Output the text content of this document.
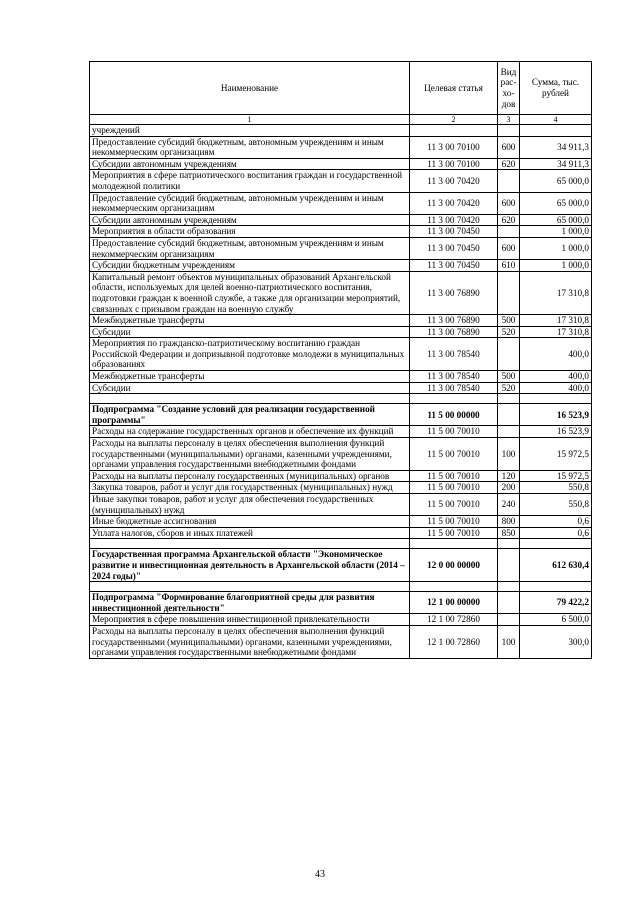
Наименование	Целевая статья	Вид рас- хо- дов	Сумма, тыс. рублей
1	2	3	4
учреждений			
Предоставление субсидий бюджетным, автономным учреждениям и иным некоммерческим организациям	11 3 00 70100	600	34 911,3
Субсидии автономным учреждениям	11 3 00 70100	620	34 911,3
Мероприятия в сфере патриотического воспитания граждан и государственной молодежной политики	11 3 00 70420		65 000,0
Предоставление субсидий бюджетным, автономным учреждениям и иным некоммерческим организациям	11 3 00 70420	600	65 000,0
Субсидии автономным учреждениям	11 3 00 70420	620	65 000,0
Мероприятия в области образования	11 3 00 70450		1 000,0
Предоставление субсидий бюджетным, автономным учреждениям и иным некоммерческим организациям	11 3 00 70450	600	1 000,0
Субсидии бюджетным учреждениям	11 3 00 70450	610	1 000,0
Капитальный ремонт объектов муниципальных образований Архангельской области, используемых для целей военно-патриотического воспитания, подготовки граждан к военной службе, а также для организации мероприятий, связанных с призывом граждан на военную службу	11 3 00 76890		17 310,8
Межбюджетные трансферты	11 3 00 76890	500	17 310,8
Субсидии	11 3 00 76890	520	17 310,8
Мероприятия по гражданско-патриотическому воспитанию граждан Российской Федерации и допризывной подготовке молодежи в муниципальных образованиях	11 3 00 78540		400,0
Межбюджетные трансферты	11 3 00 78540	500	400,0
Субсидии	11 3 00 78540	520	400,0

Подпрограмма "Создание условий для реализации государственной программы"	11 5 00 00000		16 523,9
Расходы на содержание государственных органов и обеспечение их функций	11 5 00 70010		16 523,9
Расходы на выплаты персоналу в целях обеспечения выполнения функций государственными (муниципальными) органами, казенными учреждениями, органами управления государственными внебюджетными фондами	11 5 00 70010	100	15 972,5
Расходы на выплаты персоналу государственных (муниципальных) органов	11 5 00 70010	120	15 972,5
Закупка товаров, работ и услуг для государственных (муниципальных) нужд	11 5 00 70010	200	550,8
Иные закупки товаров, работ и услуг для обеспечения государственных (муниципальных) нужд	11 5 00 70010	240	550,8
Иные бюджетные ассигнования	11 5 00 70010	800	0,6
Уплата налогов, сборов и иных платежей	11 5 00 70010	850	0,6

Государственная программа Архангельской области "Экономическое развитие и инвестиционная деятельность в Архангельской области (2014 – 2024 годы)"	12 0 00 00000		612 630,4

Подпрограмма "Формирование благоприятной среды для развития инвестиционной деятельности"	12 1 00 00000		79 422,2
Мероприятия в сфере повышения инвестиционной привлекательности	12 1 00 72860		6 500,0
Расходы на выплаты персоналу в целях обеспечения выполнения функций государственными (муниципальными) органами, казенными учреждениями, органами управления государственными внебюджетными фондами	12 1 00 72860	100	300,0
43
